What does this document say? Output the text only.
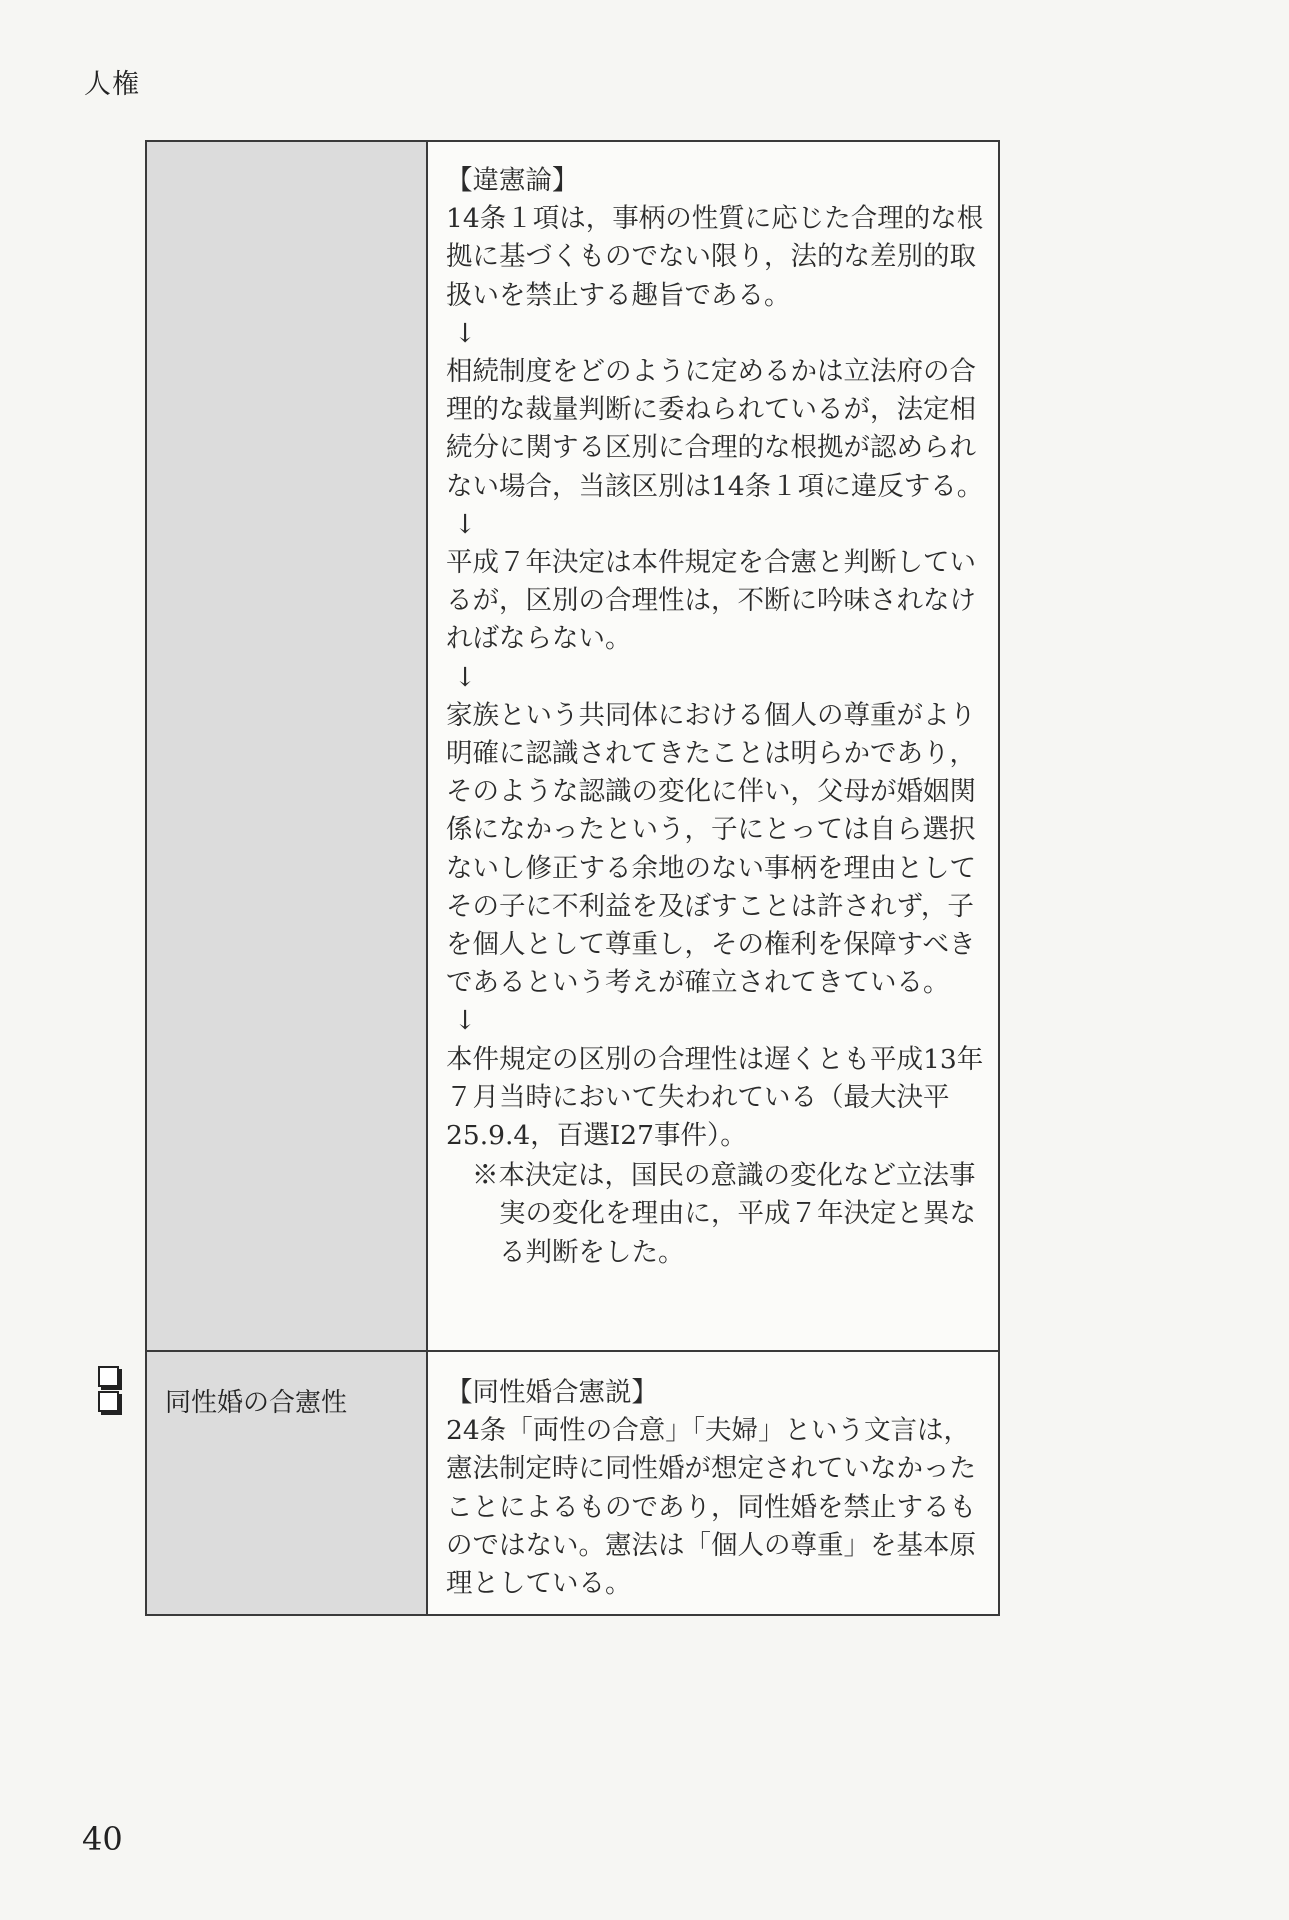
人権

【違憲論】

14条１項は，事柄の性質に応じた合理的な根拠に基づくものでない限り，法的な差別的取扱いを禁止する趣旨である。

↓

相続制度をどのように定めるかは立法府の合理的な裁量判断に委ねられているが，法定相続分に関する区別に合理的な根拠が認められない場合，当該区別は14条１項に違反する。

↓

平成７年決定は本件規定を合憲と判断しているが，区別の合理性は，不断に吟味されなければならない。

↓

家族という共同体における個人の尊重がより明確に認識されてきたことは明らかであり，そのような認識の変化に伴い，父母が婚姻関係になかったという，子にとっては自ら選択ないし修正する余地のない事柄を理由としてその子に不利益を及ぼすことは許されず，子を個人として尊重し，その権利を保障すべきであるという考えが確立されてきている。

↓

本件規定の区別の合理性は遅くとも平成13年７月当時において失われている（最大決平25.9.4，百選Ⅰ27事件）。

※本決定は，国民の意識の変化など立法事実の変化を理由に，平成７年決定と異なる判断をした。

同性婚の合憲性	【同性婚合憲説】

24条「両性の合意」「夫婦」という文言は，憲法制定時に同性婚が想定されていなかったことによるものであり，同性婚を禁止するものではない。憲法は「個人の尊重」を基本原理としている。

40
